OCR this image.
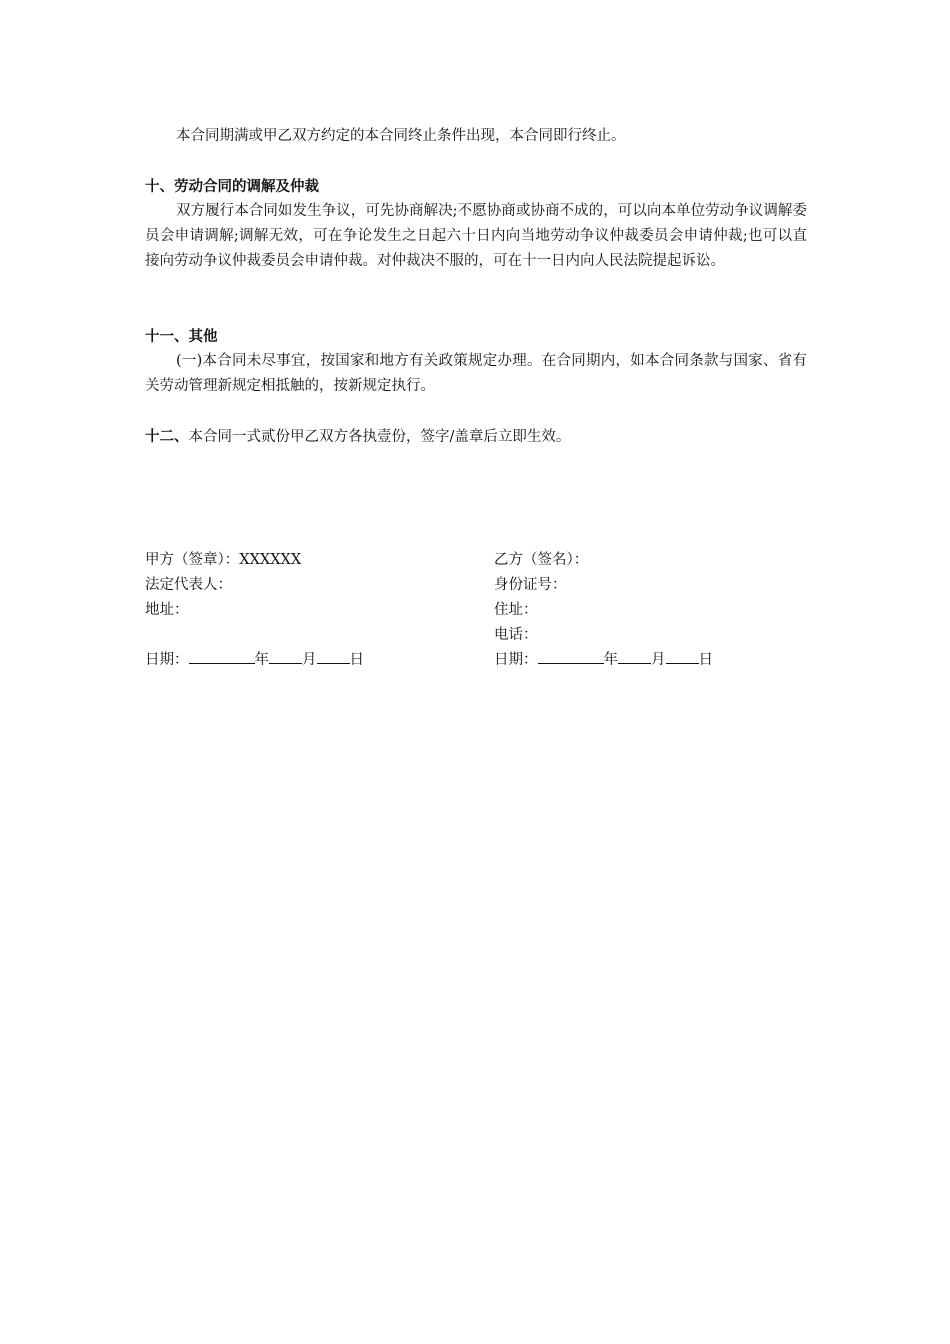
本合同期满或甲乙双方约定的本合同终止条件出现，本合同即行终止。

十、劳动合同的调解及仲裁

双方履行本合同如发生争议，可先协商解决;不愿协商或协商不成的，可以向本单位劳动争议调解委员会申请调解;调解无效，可在争论发生之日起六十日内向当地劳动争议仲裁委员会申请仲裁;也可以直接向劳动争议仲裁委员会申请仲裁。对仲裁决不服的，可在十一日内向人民法院提起诉讼。

十一、其他

(一)本合同未尽事宜，按国家和地方有关政策规定办理。在合同期内，如本合同条款与国家、省有关劳动管理新规定相抵触的，按新规定执行。

十二、本合同一式贰份甲乙双方各执壹份，签字/盖章后立即生效。

甲方（签章）：XXXXXX
法定代表人：
地址：
日期：	年 月 日
乙方（签名）：
身份证号：
住址：
电话：
日期：	年 月 日
